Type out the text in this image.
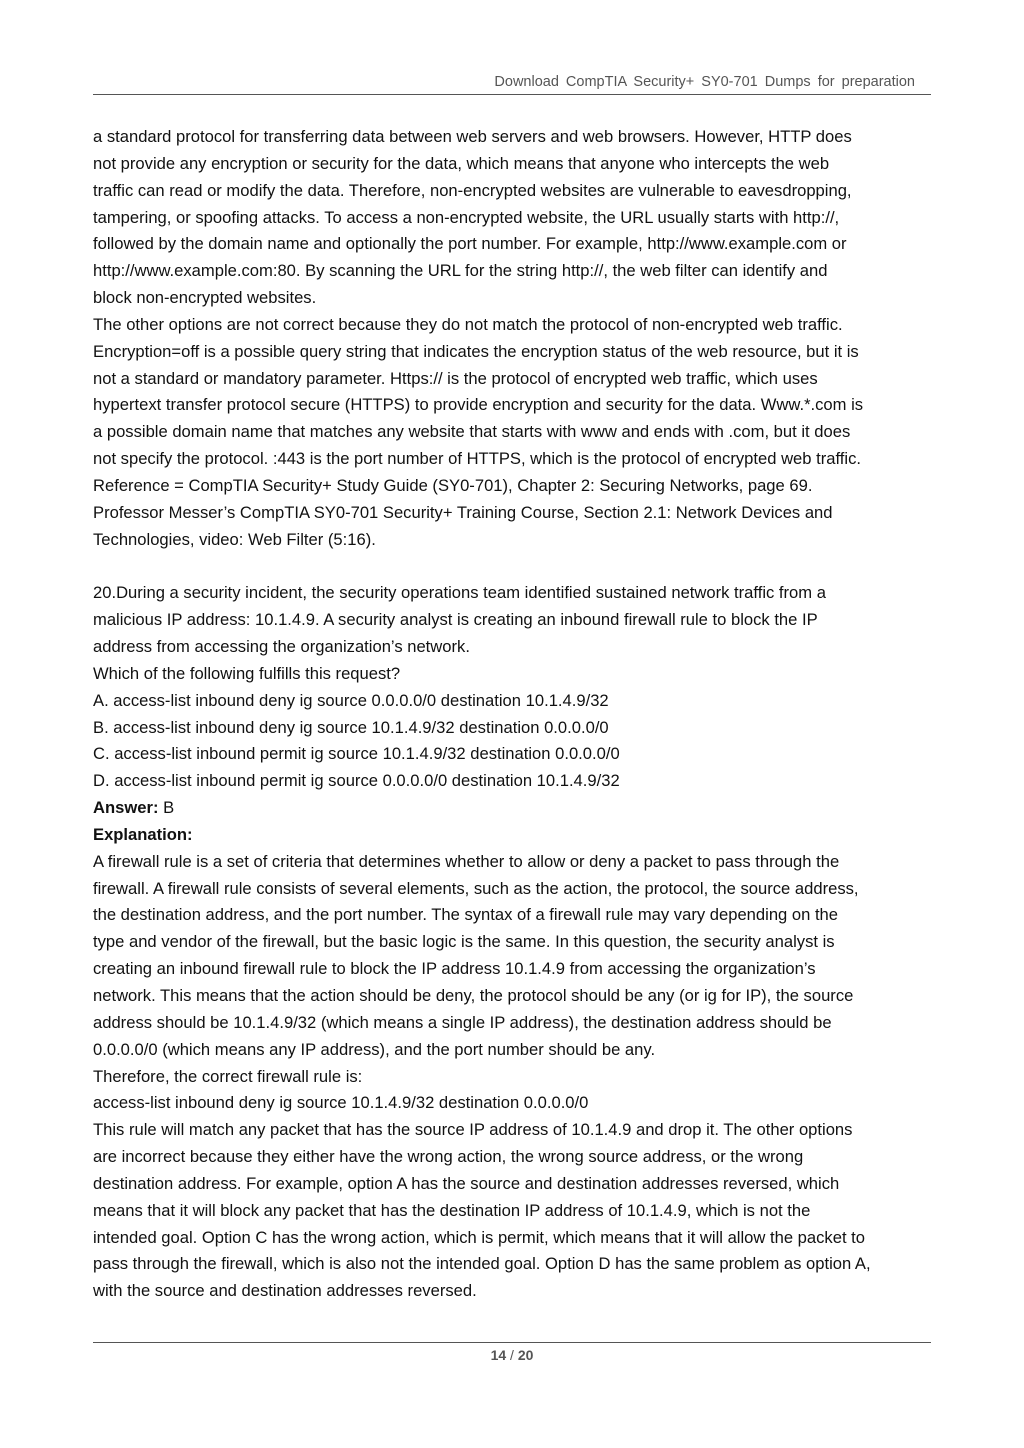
Download CompTIA Security+ SY0-701 Dumps for preparation

a standard protocol for transferring data between web servers and web browsers. However, HTTP does

not provide any encryption or security for the data, which means that anyone who intercepts the web

traffic can read or modify the data. Therefore, non-encrypted websites are vulnerable to eavesdropping,

tampering, or spoofing attacks. To access a non-encrypted website, the URL usually starts with http://,

followed by the domain name and optionally the port number. For example, http://www.example.com or

http://www.example.com:80. By scanning the URL for the string http://, the web filter can identify and

block non-encrypted websites.

The other options are not correct because they do not match the protocol of non-encrypted web traffic.

Encryption=off is a possible query string that indicates the encryption status of the web resource, but it is

not a standard or mandatory parameter. Https:// is the protocol of encrypted web traffic, which uses

hypertext transfer protocol secure (HTTPS) to provide encryption and security for the data. Www.*.com is

a possible domain name that matches any website that starts with www and ends with .com, but it does

not specify the protocol. :443 is the port number of HTTPS, which is the protocol of encrypted web traffic.

Reference = CompTIA Security+ Study Guide (SY0-701), Chapter 2: Securing Networks, page 69.

Professor Messer’s CompTIA SY0-701 Security+ Training Course, Section 2.1: Network Devices and

Technologies, video: Web Filter (5:16).

20.During a security incident, the security operations team identified sustained network traffic from a

malicious IP address: 10.1.4.9. A security analyst is creating an inbound firewall rule to block the IP

address from accessing the organization’s network.

Which of the following fulfills this request?

A. access-list inbound deny ig source 0.0.0.0/0 destination 10.1.4.9/32

B. access-list inbound deny ig source 10.1.4.9/32 destination 0.0.0.0/0

C. access-list inbound permit ig source 10.1.4.9/32 destination 0.0.0.0/0

D. access-list inbound permit ig source 0.0.0.0/0 destination 10.1.4.9/32

Answer: B

Explanation:

A firewall rule is a set of criteria that determines whether to allow or deny a packet to pass through the

firewall. A firewall rule consists of several elements, such as the action, the protocol, the source address,

the destination address, and the port number. The syntax of a firewall rule may vary depending on the

type and vendor of the firewall, but the basic logic is the same. In this question, the security analyst is

creating an inbound firewall rule to block the IP address 10.1.4.9 from accessing the organization’s

network. This means that the action should be deny, the protocol should be any (or ig for IP), the source

address should be 10.1.4.9/32 (which means a single IP address), the destination address should be

0.0.0.0/0 (which means any IP address), and the port number should be any.

Therefore, the correct firewall rule is:

access-list inbound deny ig source 10.1.4.9/32 destination 0.0.0.0/0

This rule will match any packet that has the source IP address of 10.1.4.9 and drop it. The other options

are incorrect because they either have the wrong action, the wrong source address, or the wrong

destination address. For example, option A has the source and destination addresses reversed, which

means that it will block any packet that has the destination IP address of 10.1.4.9, which is not the

intended goal. Option C has the wrong action, which is permit, which means that it will allow the packet to

pass through the firewall, which is also not the intended goal. Option D has the same problem as option A,

with the source and destination addresses reversed.

14 / 20
